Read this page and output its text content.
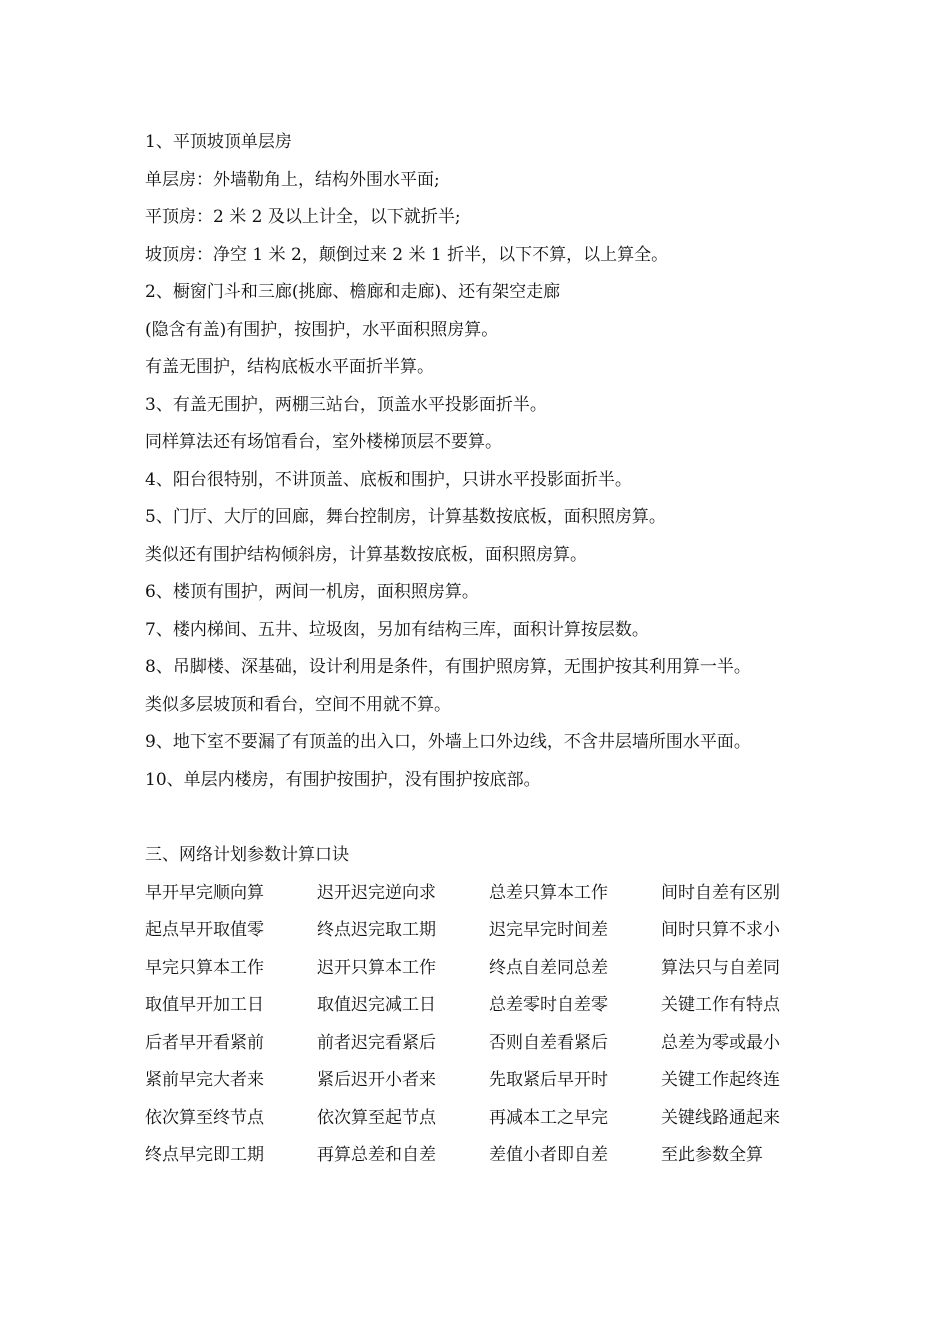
1、平顶坡顶单层房
单层房：外墙勒角上，结构外围水平面;
平顶房：2 米 2 及以上计全，以下就折半;
坡顶房：净空 1 米 2，颠倒过来 2 米 1 折半，以下不算，以上算全。
2、橱窗门斗和三廊(挑廊、檐廊和走廊)、还有架空走廊
(隐含有盖)有围护，按围护，水平面积照房算。
有盖无围护，结构底板水平面折半算。
3、有盖无围护，两棚三站台，顶盖水平投影面折半。
同样算法还有场馆看台，室外楼梯顶层不要算。
4、阳台很特别，不讲顶盖、底板和围护，只讲水平投影面折半。
5、门厅、大厅的回廊，舞台控制房，计算基数按底板，面积照房算。
类似还有围护结构倾斜房，计算基数按底板，面积照房算。
6、楼顶有围护，两间一机房，面积照房算。
7、楼内梯间、五井、垃圾囱，另加有结构三库，面积计算按层数。
8、吊脚楼、深基础，设计利用是条件，有围护照房算，无围护按其利用算一半。
类似多层坡顶和看台，空间不用就不算。
9、地下室不要漏了有顶盖的出入口，外墙上口外边线，不含井层墙所围水平面。
10、单层内楼房，有围护按围护，没有围护按底部。
三、网络计划参数计算口诀
早开早完顺向算	迟开迟完逆向求	总差只算本工作	间时自差有区别
起点早开取值零	终点迟完取工期	迟完早完时间差	间时只算不求小
早完只算本工作	迟开只算本工作	终点自差同总差	算法只与自差同
取值早开加工日	取值迟完减工日	总差零时自差零	关键工作有特点
后者早开看紧前	前者迟完看紧后	否则自差看紧后	总差为零或最小
紧前早完大者来	紧后迟开小者来	先取紧后早开时	关键工作起终连
依次算至终节点	依次算至起节点	再减本工之早完	关键线路通起来
终点早完即工期	再算总差和自差	差值小者即自差	至此参数全算
